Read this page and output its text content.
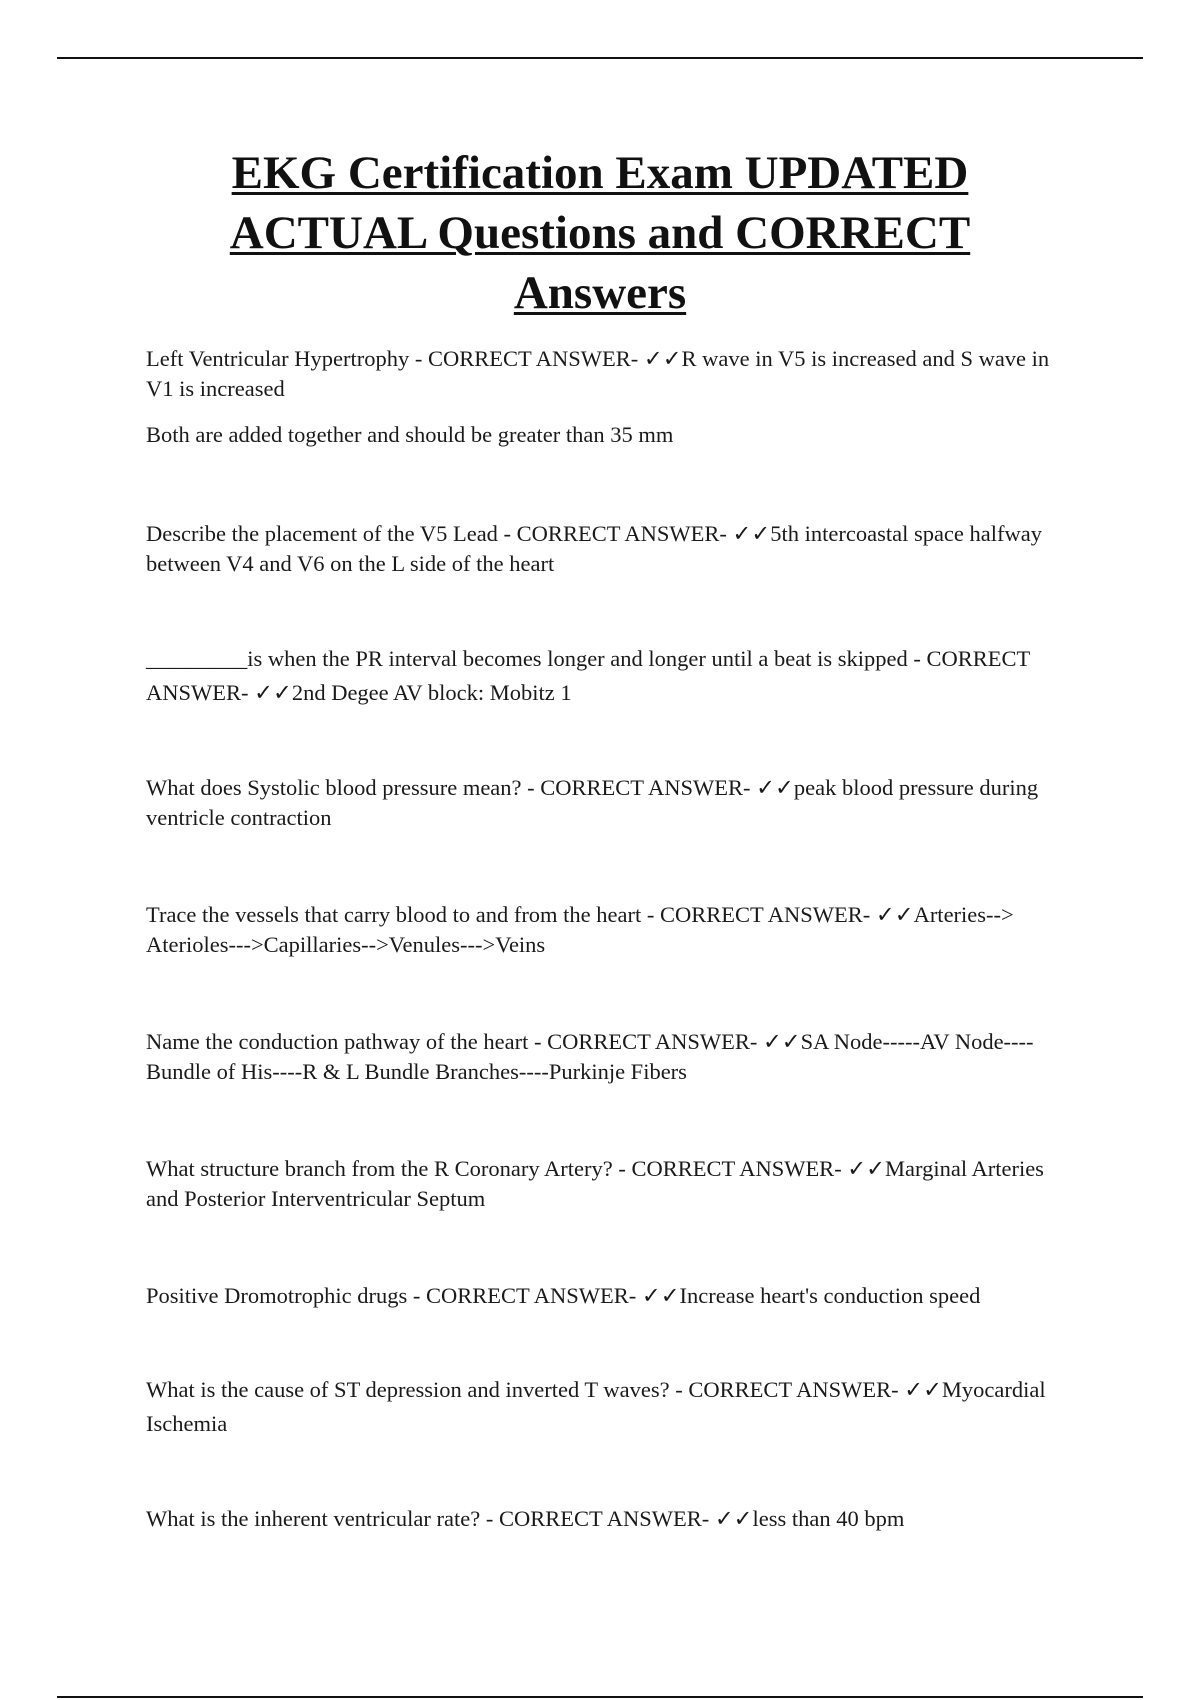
EKG Certification Exam UPDATED ACTUAL Questions and CORRECT Answers

Left Ventricular Hypertrophy - CORRECT ANSWER- ✓✓R wave in V5 is increased and S wave in V1 is increased

Both are added together and should be greater than 35 mm

Describe the placement of the V5 Lead - CORRECT ANSWER- ✓✓5th intercoastal space halfway between V4 and V6 on the L side of the heart

_________is when the PR interval becomes longer and longer until a beat is skipped - CORRECT ANSWER- ✓✓2nd Degee AV block: Mobitz 1

What does Systolic blood pressure mean? - CORRECT ANSWER- ✓✓peak blood pressure during ventricle contraction

Trace the vessels that carry blood to and from the heart - CORRECT ANSWER- ✓✓Arteries--> Aterioles--->Capillaries-->Venules--->Veins

Name the conduction pathway of the heart - CORRECT ANSWER- ✓✓SA Node-----AV Node----Bundle of His----R & L Bundle Branches----Purkinje Fibers

What structure branch from the R Coronary Artery? - CORRECT ANSWER- ✓✓Marginal Arteries and Posterior Interventricular Septum

Positive Dromotrophic drugs - CORRECT ANSWER- ✓✓Increase heart's conduction speed

What is the cause of ST depression and inverted T waves? - CORRECT ANSWER- ✓✓Myocardial Ischemia

What is the inherent ventricular rate? - CORRECT ANSWER- ✓✓less than 40 bpm
